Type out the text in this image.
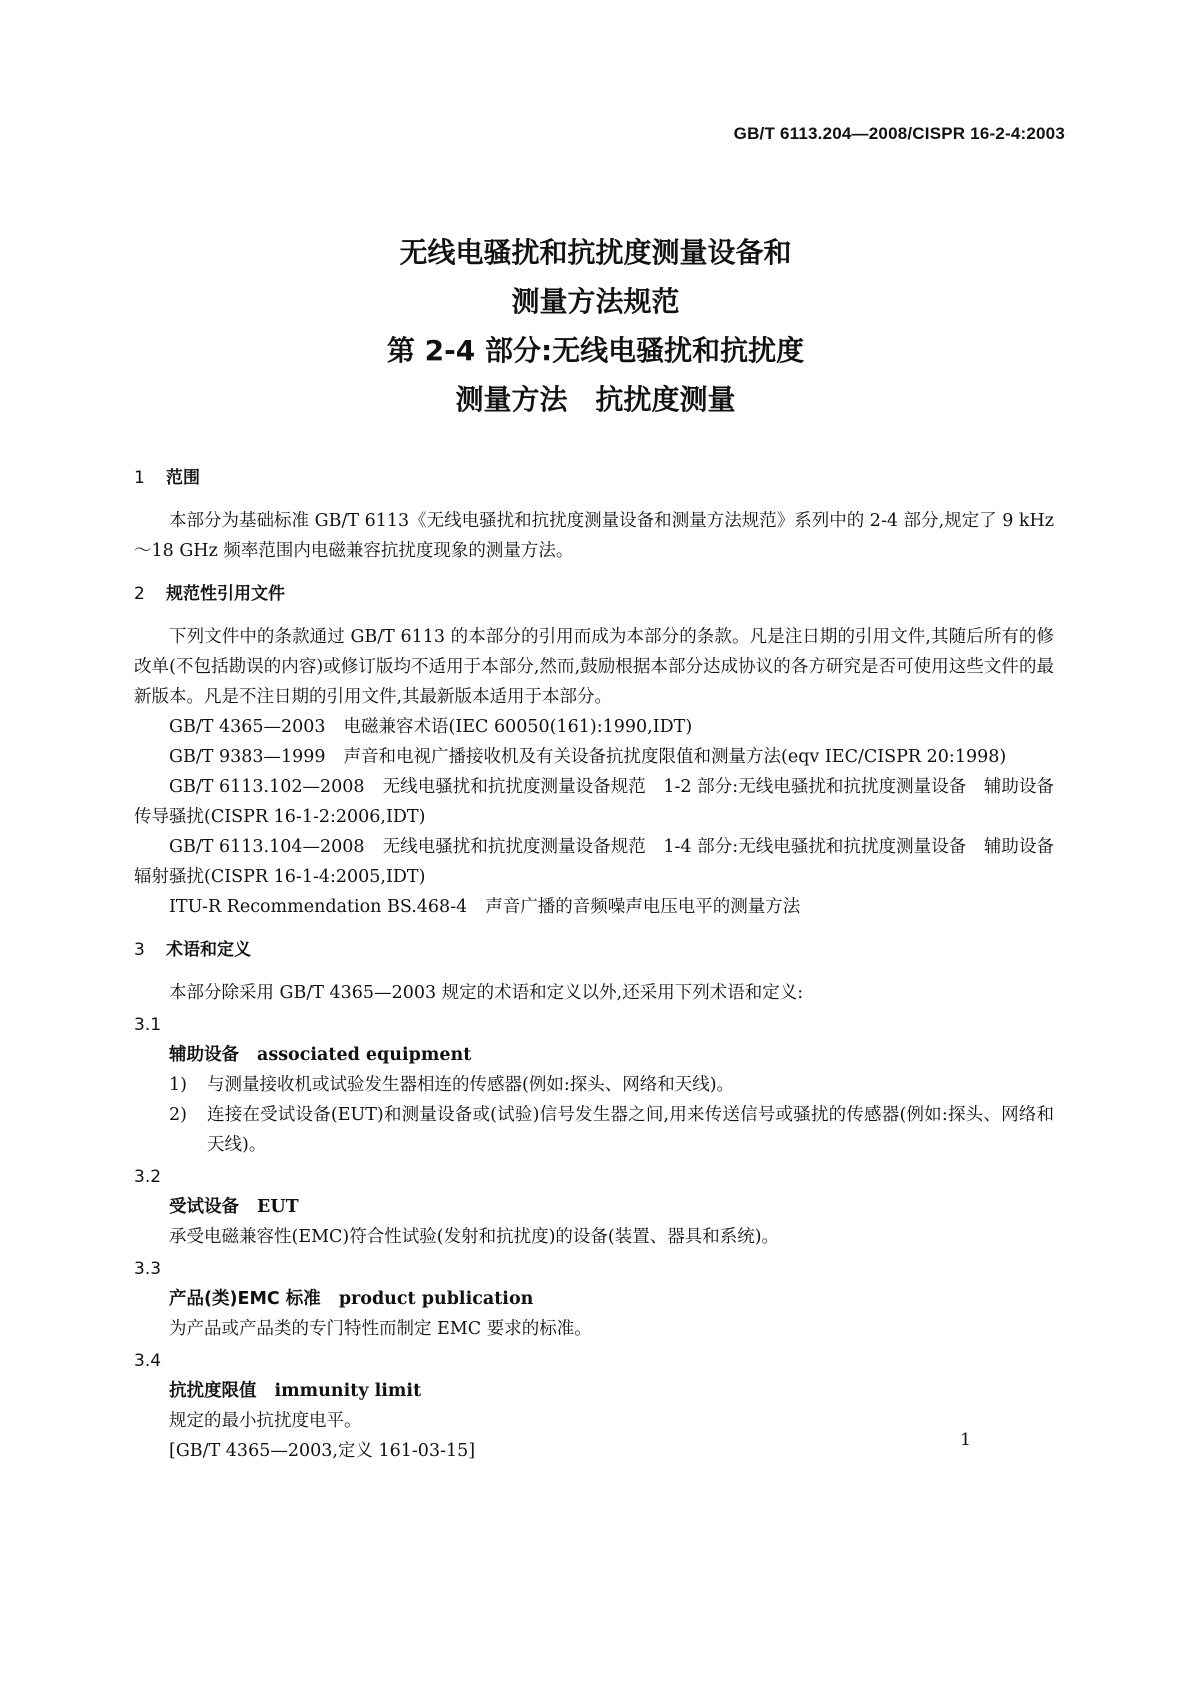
GB/T 6113.204—2008/CISPR 16-2-4:2003
无线电骚扰和抗扰度测量设备和
测量方法规范
第 2-4 部分:无线电骚扰和抗扰度
测量方法 抗扰度测量
1 范围
本部分为基础标准 GB/T 6113《无线电骚扰和抗扰度测量设备和测量方法规范》系列中的 2-4 部分,规定了 9 kHz～18 GHz 频率范围内电磁兼容抗扰度现象的测量方法。
2 规范性引用文件
下列文件中的条款通过 GB/T 6113 的本部分的引用而成为本部分的条款。凡是注日期的引用文件,其随后所有的修改单(不包括勘误的内容)或修订版均不适用于本部分,然而,鼓励根据本部分达成协议的各方研究是否可使用这些文件的最新版本。凡是不注日期的引用文件,其最新版本适用于本部分。
GB/T 4365—2003 电磁兼容术语(IEC 60050(161):1990,IDT)
GB/T 9383—1999 声音和电视广播接收机及有关设备抗扰度限值和测量方法(eqv IEC/CISPR 20:1998)
GB/T 6113.102—2008 无线电骚扰和抗扰度测量设备规范　1-2 部分:无线电骚扰和抗扰度测量设备　辅助设备　传导骚扰(CISPR 16-1-2:2006,IDT)
GB/T 6113.104—2008 无线电骚扰和抗扰度测量设备规范　1-4 部分:无线电骚扰和抗扰度测量设备　辅助设备　辐射骚扰(CISPR 16-1-4:2005,IDT)
ITU-R Recommendation BS.468-4 声音广播的音频噪声电压电平的测量方法
3 术语和定义
本部分除采用 GB/T 4365—2003 规定的术语和定义以外,还采用下列术语和定义:
3.1
辅助设备 associated equipment
1)	与测量接收机或试验发生器相连的传感器(例如:探头、网络和天线)。
2)	连接在受试设备(EUT)和测量设备或(试验)信号发生器之间,用来传送信号或骚扰的传感器(例如:探头、网络和天线)。
3.2
受试设备 EUT
承受电磁兼容性(EMC)符合性试验(发射和抗扰度)的设备(装置、器具和系统)。
3.3
产品(类)EMC 标准 product publication
为产品或产品类的专门特性而制定 EMC 要求的标准。
3.4
抗扰度限值 immunity limit
规定的最小抗扰度电平。
[GB/T 4365—2003,定义 161-03-15]
1
